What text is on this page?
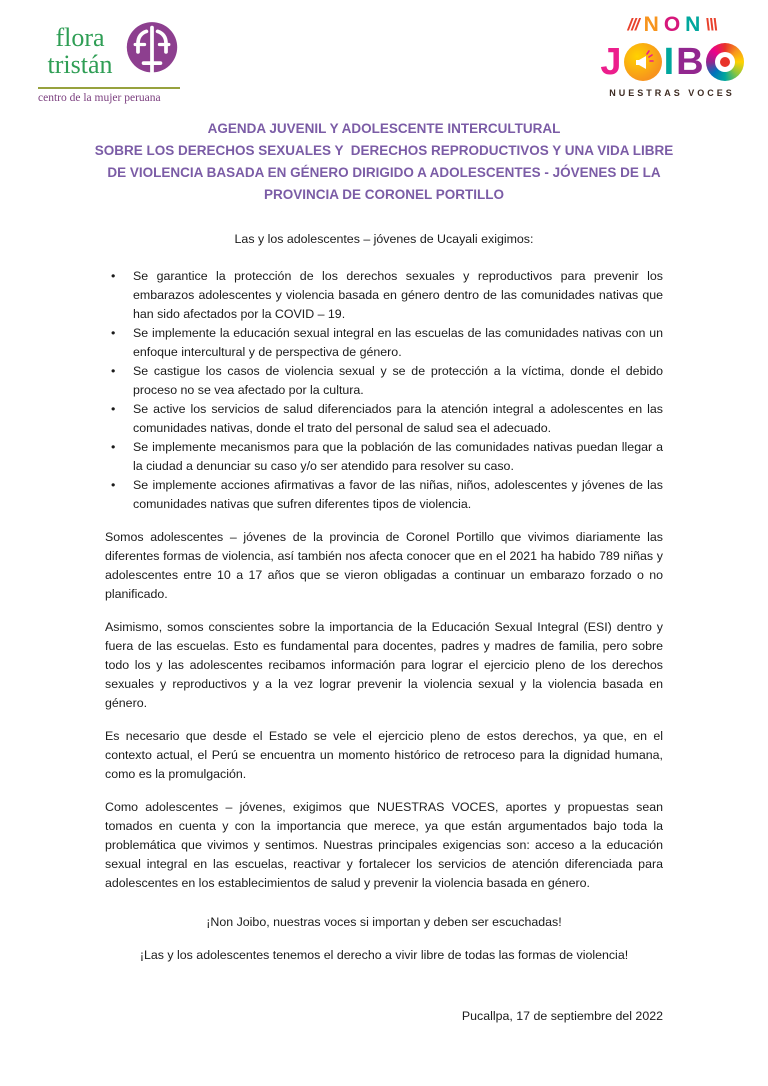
flora
tristán
centro de la mujer peruana
/// N O N \\\
J I B
NUESTRAS VOCES
AGENDA JUVENIL Y ADOLESCENTE INTERCULTURAL
SOBRE LOS DERECHOS SEXUALES Y  DERECHOS REPRODUCTIVOS Y UNA VIDA LIBRE
DE VIOLENCIA BASADA EN GÉNERO DIRIGIDO A ADOLESCENTES - JÓVENES DE LA
PROVINCIA DE CORONEL PORTILLO
Las y los adolescentes – jóvenes de Ucayali exigimos:
• Se garantice la protección de los derechos sexuales y reproductivos para prevenir los embarazos adolescentes y violencia basada en género dentro de las comunidades nativas que han sido afectados por la COVID – 19.
• Se implemente la educación sexual integral en las escuelas de las comunidades nativas con un enfoque intercultural y de perspectiva de género.
• Se castigue los casos de violencia sexual y se de protección a la víctima, donde el debido proceso no se vea afectado por la cultura.
• Se active los servicios de salud diferenciados para la atención integral a adolescentes en las comunidades nativas, donde el trato del personal de salud sea el adecuado.
• Se implemente mecanismos para que la población de las comunidades nativas puedan llegar a la ciudad a denunciar su caso y/o ser atendido para resolver su caso.
• Se implemente acciones afirmativas a favor de las niñas, niños, adolescentes y jóvenes de las comunidades nativas que sufren diferentes tipos de violencia.

Somos adolescentes – jóvenes de la provincia de Coronel Portillo que vivimos diariamente las diferentes formas de violencia, así también nos afecta conocer que en el 2021 ha habido 789 niñas y adolescentes entre 10 a 17 años que se vieron obligadas a continuar un embarazo forzado o no planificado.

Asimismo, somos conscientes sobre la importancia de la Educación Sexual Integral (ESI) dentro y fuera de las escuelas. Esto es fundamental para docentes, padres y madres de familia, pero sobre todo los y las adolescentes recibamos información para lograr el ejercicio pleno de los derechos sexuales y reproductivos y a la vez lograr prevenir la violencia sexual y la violencia basada en género.

Es necesario que desde el Estado se vele el ejercicio pleno de estos derechos, ya que, en el contexto actual, el Perú se encuentra un momento histórico de retroceso para la dignidad humana, como es la promulgación.

Como adolescentes – jóvenes, exigimos que NUESTRAS VOCES, aportes y propuestas sean tomados en cuenta y con la importancia que merece, ya que están argumentados bajo toda la problemática que vivimos y sentimos. Nuestras principales exigencias son: acceso a la educación sexual integral en las escuelas, reactivar y fortalecer los servicios de atención diferenciada para adolescentes en los establecimientos de salud y prevenir la violencia basada en género.

¡Non Joibo, nuestras voces si importan y deben ser escuchadas!
¡Las y los adolescentes tenemos el derecho a vivir libre de todas las formas de violencia!
Pucallpa, 17 de septiembre del 2022
